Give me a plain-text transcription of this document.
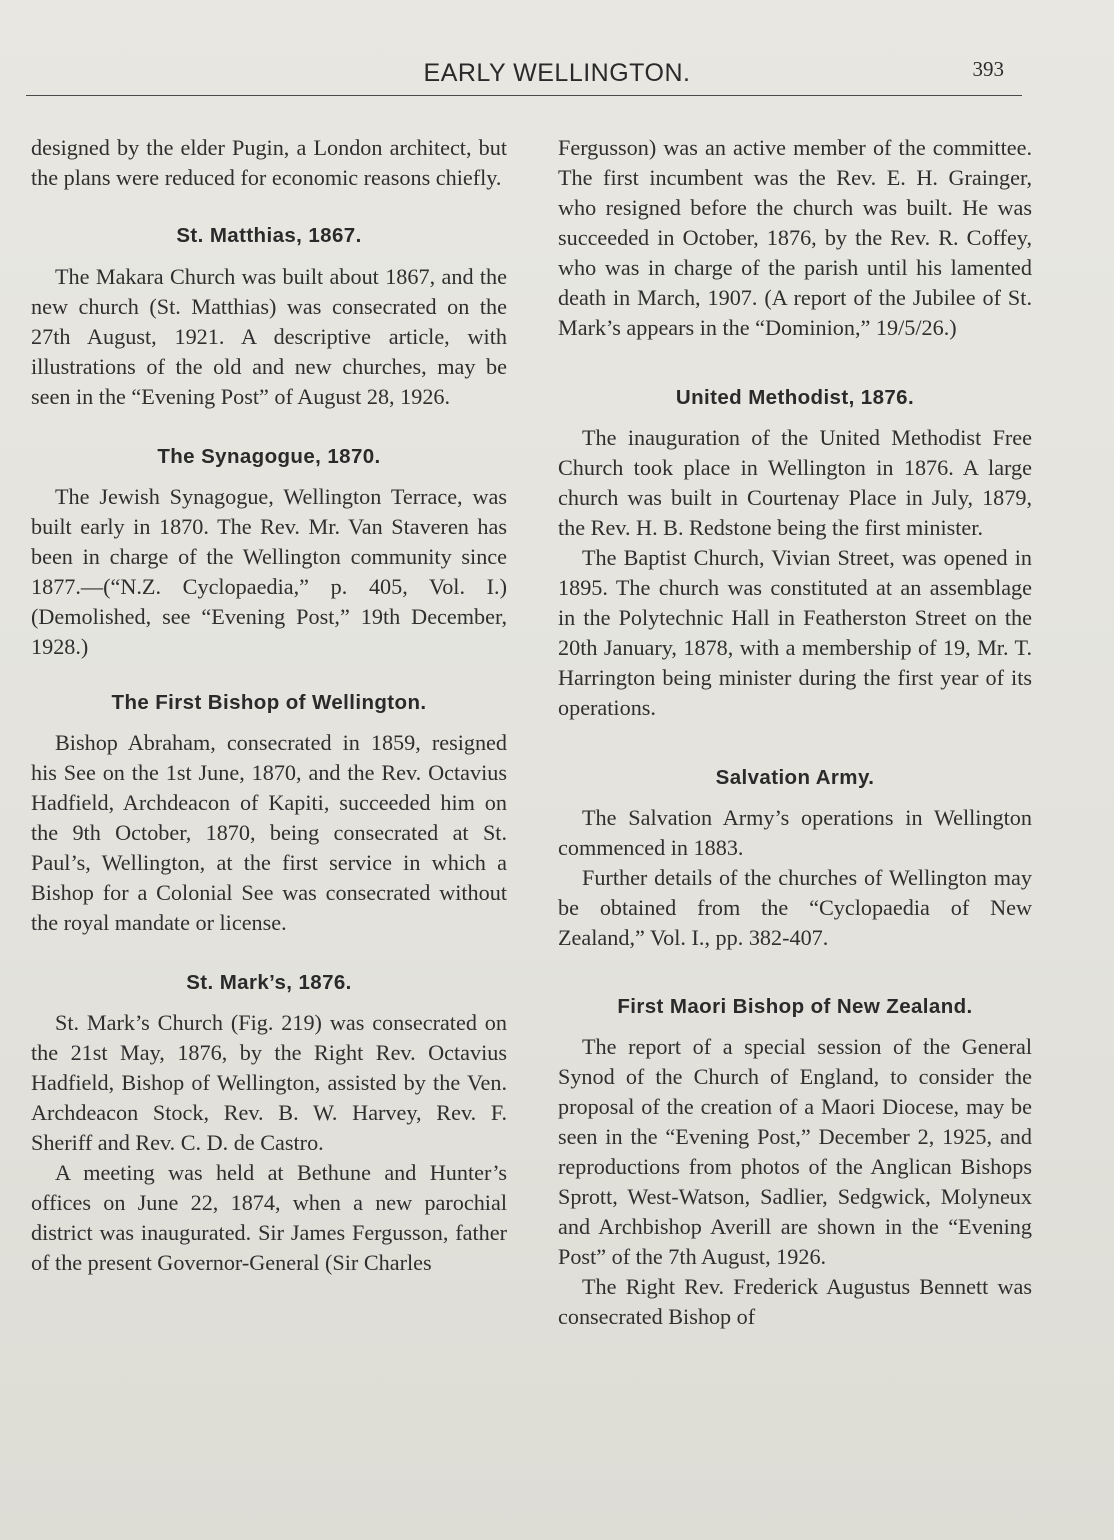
EARLY WELLINGTON.	393

designed by the elder Pugin, a London architect, but the plans were reduced for economic reasons chiefly.

St. Matthias, 1867.

The Makara Church was built about 1867, and the new church (St. Matthias) was consecrated on the 27th August, 1921. A descriptive article, with illustrations of the old and new churches, may be seen in the “Evening Post” of August 28, 1926.

The Synagogue, 1870.

The Jewish Synagogue, Wellington Terrace, was built early in 1870. The Rev. Mr. Van Staveren has been in charge of the Wellington community since 1877.—(“N.Z. Cyclopaedia,” p. 405, Vol. I.) (Demolished, see “Evening Post,” 19th December, 1928.)

The First Bishop of Wellington.

Bishop Abraham, consecrated in 1859, resigned his See on the 1st June, 1870, and the Rev. Octavius Hadfield, Archdeacon of Kapiti, succeeded him on the 9th October, 1870, being consecrated at St. Paul’s, Wellington, at the first service in which a Bishop for a Colonial See was consecrated without the royal mandate or license.

St. Mark’s, 1876.

St. Mark’s Church (Fig. 219) was consecrated on the 21st May, 1876, by the Right Rev. Octavius Hadfield, Bishop of Wellington, assisted by the Ven. Archdeacon Stock, Rev. B. W. Harvey, Rev. F. Sheriff and Rev. C. D. de Castro.

A meeting was held at Bethune and Hunter’s offices on June 22, 1874, when a new parochial district was inaugurated. Sir James Fergusson, father of the present Governor-General (Sir Charles

Fergusson) was an active member of the committee. The first incumbent was the Rev. E. H. Grainger, who resigned before the church was built. He was succeeded in October, 1876, by the Rev. R. Coffey, who was in charge of the parish until his lamented death in March, 1907. (A report of the Jubilee of St. Mark’s appears in the “Dominion,” 19/5/26.)

United Methodist, 1876.

The inauguration of the United Methodist Free Church took place in Wellington in 1876. A large church was built in Courtenay Place in July, 1879, the Rev. H. B. Redstone being the first minister.

The Baptist Church, Vivian Street, was opened in 1895. The church was constituted at an assemblage in the Polytechnic Hall in Featherston Street on the 20th January, 1878, with a membership of 19, Mr. T. Harrington being minister during the first year of its operations.

Salvation Army.

The Salvation Army’s operations in Wellington commenced in 1883.

Further details of the churches of Wellington may be obtained from the “Cyclopaedia of New Zealand,” Vol. I., pp. 382-407.

First Maori Bishop of New Zealand.

The report of a special session of the General Synod of the Church of England, to consider the proposal of the creation of a Maori Diocese, may be seen in the “Evening Post,” December 2, 1925, and reproductions from photos of the Anglican Bishops Sprott, West-Watson, Sadlier, Sedgwick, Molyneux and Archbishop Averill are shown in the “Evening Post” of the 7th August, 1926.

The Right Rev. Frederick Augustus Bennett was consecrated Bishop of
